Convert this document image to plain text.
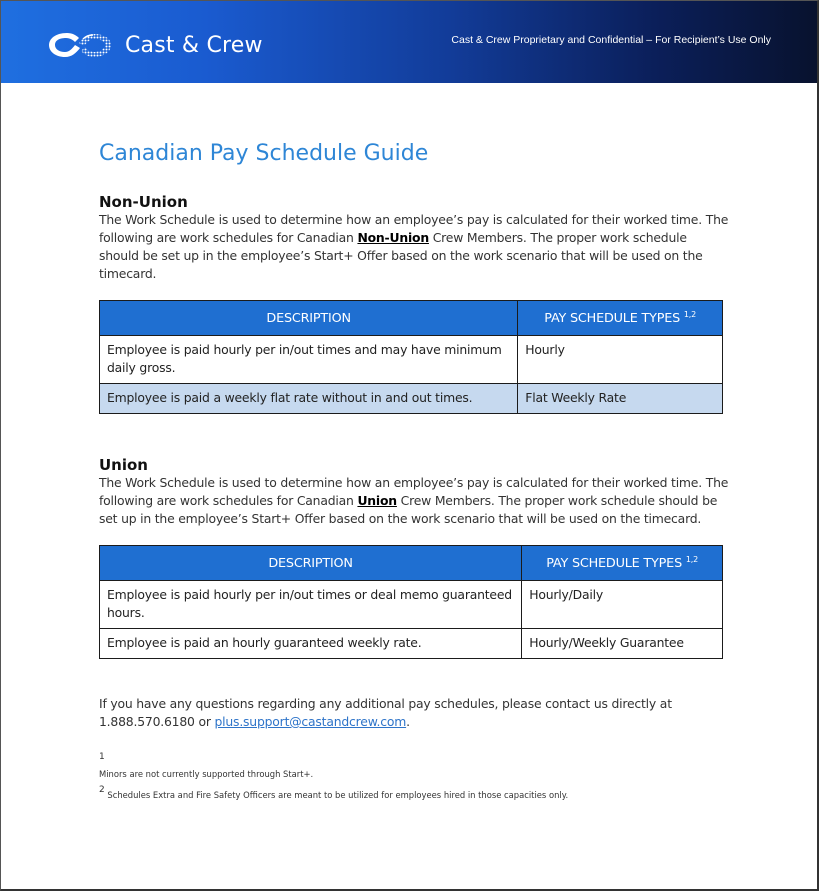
Cast & Crew	Cast & Crew Proprietary and Confidential – For Recipient’s Use Only
Canadian Pay Schedule Guide
Non-Union

The Work Schedule is used to determine how an employee’s pay is calculated for their worked time. The following are work schedules for Canadian Non-Union Crew Members. The proper work schedule should be set up in the employee’s Start+ Offer based on the work scenario that will be used on the timecard.

DESCRIPTION	PAY SCHEDULE TYPES $^{1,2}$
Employee is paid hourly per in/out times and may have minimum daily gross.	Hourly
Employee is paid a weekly flat rate without in and out times.	Flat Weekly Rate
Union

The Work Schedule is used to determine how an employee’s pay is calculated for their worked time. The following are work schedules for Canadian Union Crew Members. The proper work schedule should be set up in the employee’s Start+ Offer based on the work scenario that will be used on the timecard.

DESCRIPTION	PAY SCHEDULE TYPES $^{1,2}$
Employee is paid hourly per in/out times or deal memo guaranteed hours.	Hourly/Daily
Employee is paid an hourly guaranteed weekly rate.	Hourly/Weekly Guarantee

If you have any questions regarding any additional pay schedules, please contact us directly at 1.888.570.6180 or plus.support@castandcrew.com.

$^1$
Minors are not currently supported through Start+.

$^2$ Schedules Extra and Fire Safety Officers are meant to be utilized for employees hired in those capacities only.
